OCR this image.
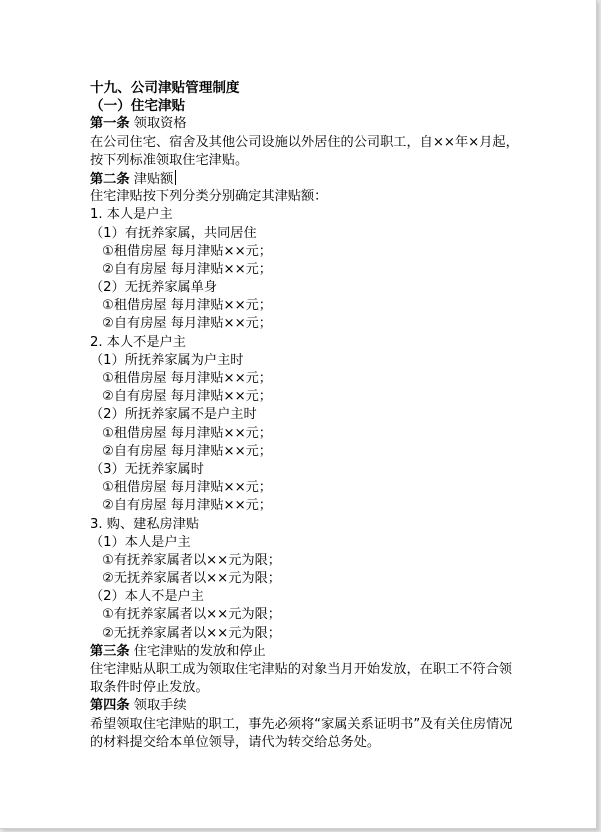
十九、公司津贴管理制度
（一）住宅津贴
第一条 领取资格
在公司住宅、宿舍及其他公司设施以外居住的公司职工，自××年×月起，按下列标准领取住宅津贴。
第二条 津贴额
住宅津贴按下列分类分别确定其津贴额：
1. 本人是户主
（1）有抚养家属，共同居住
①租借房屋 每月津贴××元；
②自有房屋 每月津贴××元；
（2）无抚养家属单身
①租借房屋 每月津贴××元；
②自有房屋 每月津贴××元；
2. 本人不是户主
（1）所抚养家属为户主时
①租借房屋 每月津贴××元；
②自有房屋 每月津贴××元；
（2）所抚养家属不是户主时
①租借房屋 每月津贴××元；
②自有房屋 每月津贴××元；
（3）无抚养家属时
①租借房屋 每月津贴××元；
②自有房屋 每月津贴××元；
3. 购、建私房津贴
（1）本人是户主
①有抚养家属者以××元为限；
②无抚养家属者以××元为限；
（2）本人不是户主
①有抚养家属者以××元为限；
②无抚养家属者以××元为限；
第三条 住宅津贴的发放和停止
住宅津贴从职工成为领取住宅津贴的对象当月开始发放，在职工不符合领取条件时停止发放。
第四条 领取手续
希望领取住宅津贴的职工，事先必须将“家属关系证明书”及有关住房情况的材料提交给本单位领导，请代为转交给总务处。
